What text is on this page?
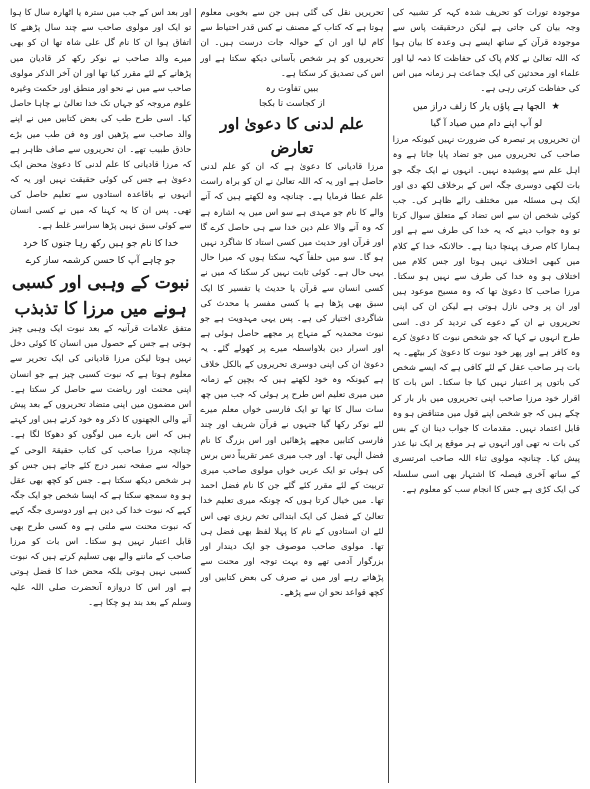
موجودہ تورات کو تحریف شدہ کہہ کر تشبیہ کی وجہ بیان کی جاتی ہے لیکن درحقیقت پاس سے موجودہ قرآن کے ساتھ ایسے ہی وعدہ کا بیان ہوا کہ اللہ تعالیٰ نے کلام پاک کی حفاظت کا ذمہ لیا اور علماء اور محدثین کی ایک جماعت ہر زمانہ میں اس کی حفاظت کرتی رہی ہے۔

★الجھا ہے پاؤں یار کا زلف دراز میں
لو آپ اپنے دام میں صیاد آ گیا

ان تحریروں پر تبصرہ کی ضرورت نہیں کیونکہ مرزا صاحب کی تحریروں میں جو تضاد پایا جاتا ہے وہ اہل علم سے پوشیدہ نہیں۔ انہوں نے ایک جگہ جو بات لکھی دوسری جگہ اس کے برخلاف لکھ دی اور ایک ہی مسئلہ میں مختلف رائے ظاہر کی۔ جب کوئی شخص ان سے اس تضاد کے متعلق سوال کرتا تو وہ جواب دیتے کہ یہ خدا کی طرف سے ہے اور ہمارا کام صرف پہنچا دینا ہے۔ حالانکہ خدا کے کلام میں کبھی اختلاف نہیں ہوتا اور جس کلام میں اختلاف ہو وہ خدا کی طرف سے نہیں ہو سکتا۔ مرزا صاحب کا دعویٰ تھا کہ وہ مسیح موعود ہیں اور ان پر وحی نازل ہوتی ہے لیکن ان کی اپنی تحریروں نے ان کے دعوے کی تردید کر دی۔ اسی طرح انہوں نے کہا کہ جو شخص نبوت کا دعویٰ کرے وہ کافر ہے اور پھر خود نبوت کا دعویٰ کر بیٹھے۔ یہ بات ہر صاحب عقل کے لئے کافی ہے کہ ایسے شخص کی باتوں پر اعتبار نہیں کیا جا سکتا۔ اس بات کا اقرار خود مرزا صاحب اپنی تحریروں میں بار بار کر چکے ہیں کہ جو شخص اپنے قول میں متناقض ہو وہ قابل اعتماد نہیں۔ مقدمات کا جواب دینا ان کے بس کی بات نہ تھی اور انہوں نے ہر موقع پر ایک نیا عذر پیش کیا۔ چنانچہ مولوی ثناء اللہ صاحب امرتسری کے ساتھ آخری فیصلہ کا اشتہار بھی اسی سلسلہ کی ایک کڑی ہے جس کا انجام سب کو معلوم ہے۔

تحریریں نقل کی گئی ہیں جن سے بخوبی معلوم ہوتا ہے کہ کتاب کے مصنف نے کس قدر احتیاط سے کام لیا اور ان کے حوالہ جات درست ہیں۔ ان تحریروں کو ہر شخص بآسانی دیکھ سکتا ہے اور اس کی تصدیق کر سکتا ہے۔

ببیں تفاوت رہ
از کجاست تا بکجا
علم لدنی کا دعویٰ اور تعارض

مرزا قادیانی کا دعویٰ ہے کہ ان کو علم لدنی حاصل ہے اور یہ کہ اللہ تعالیٰ نے ان کو براہ راست علم عطا فرمایا ہے۔ چنانچہ وہ لکھتے ہیں کہ آنے والے کا نام جو مہدی ہے سو اس میں یہ اشارہ ہے کہ وہ آنے والا علم دین خدا سے ہی حاصل کرے گا اور قرآن اور حدیث میں کسی استاد کا شاگرد نہیں ہو گا۔ سو میں حلفاً کہہ سکتا ہوں کہ میرا حال یہی حال ہے۔ کوئی ثابت نہیں کر سکتا کہ میں نے کسی انسان سے قرآن یا حدیث یا تفسیر کا ایک سبق بھی پڑھا ہے یا کسی مفسر یا محدث کی شاگردی اختیار کی ہے۔ پس یہی مہدویت ہے جو نبوت محمدیہ کے منہاج پر مجھے حاصل ہوئی ہے اور اسرار دین بلاواسطہ میرے پر کھولے گئے۔ یہ دعویٰ ان کی اپنی دوسری تحریروں کے بالکل خلاف ہے کیونکہ وہ خود لکھتے ہیں کہ بچپن کے زمانہ میں میری تعلیم اس طرح پر ہوئی کہ جب میں چھ سات سال کا تھا تو ایک فارسی خواں معلم میرے لئے نوکر رکھا گیا جنہوں نے قرآن شریف اور چند فارسی کتابیں مجھے پڑھائیں اور اس بزرگ کا نام فضل الٰہی تھا۔ اور جب میری عمر تقریباً دس برس کی ہوئی تو ایک عربی خواں مولوی صاحب میری تربیت کے لئے مقرر کئے گئے جن کا نام فضل احمد تھا۔ میں خیال کرتا ہوں کہ چونکہ میری تعلیم خدا تعالیٰ کے فضل کی ایک ابتدائی تخم ریزی تھی اس لئے ان استادوں کے نام کا پہلا لفظ بھی فضل ہی تھا۔ مولوی صاحب موصوف جو ایک دیندار اور بزرگوار آدمی تھے وہ بہت توجہ اور محنت سے پڑھاتے رہے اور میں نے صرف کی بعض کتابیں اور کچھ قواعد نحو ان سے پڑھے۔

اور بعد اس کے جب میں سترہ یا اٹھارہ سال کا ہوا تو ایک اور مولوی صاحب سے چند سال پڑھنے کا اتفاق ہوا ان کا نام گل علی شاہ تھا ان کو بھی میرے والد صاحب نے نوکر رکھ کر قادیان میں پڑھانے کے لئے مقرر کیا تھا اور ان آخر الذکر مولوی صاحب سے میں نے نحو اور منطق اور حکمت وغیرہ علوم مروجہ کو جہاں تک خدا تعالیٰ نے چاہا حاصل کیا۔ اسی طرح طب کی بعض کتابیں میں نے اپنے والد صاحب سے پڑھیں اور وہ فن طب میں بڑے حاذق طبیب تھے۔ ان تحریروں سے صاف ظاہر ہے کہ مرزا قادیانی کا علم لدنی کا دعویٰ محض ایک دعویٰ ہے جس کی کوئی حقیقت نہیں اور یہ کہ انہوں نے باقاعدہ استادوں سے تعلیم حاصل کی تھی۔ پس ان کا یہ کہنا کہ میں نے کسی انسان سے کوئی سبق نہیں پڑھا سراسر غلط ہے۔

خدا کا نام جو ہیں رکھ رہا جنوں کا خرد
جو چاہے آپ کا حسن کرشمہ ساز کرے
نبوت کے وہبی اور کسبی
ہونے میں مرزا کا تذبذب

متفق علامات قرآنیہ کے بعد نبوت ایک وہبی چیز ہوتی ہے جس کے حصول میں انسان کا کوئی دخل نہیں ہوتا لیکن مرزا قادیانی کی ایک تحریر سے معلوم ہوتا ہے کہ نبوت کسبی چیز ہے جو انسان اپنی محنت اور ریاضت سے حاصل کر سکتا ہے۔ اس مضمون میں اپنی متضاد تحریروں کے بعد پیش آنے والی الجھنوں کا ذکر وہ خود کرتے ہیں اور کہتے ہیں کہ اس بارے میں لوگوں کو دھوکا لگا ہے۔ چنانچہ مرزا صاحب کی کتاب حقیقۃ الوحی کے حوالہ سے صفحہ نمبر درج کئے جاتے ہیں جس کو ہر شخص دیکھ سکتا ہے۔ جس کو کچھ بھی عقل ہو وہ سمجھ سکتا ہے کہ ایسا شخص جو ایک جگہ کہے کہ نبوت خدا کی دین ہے اور دوسری جگہ کہے کہ نبوت محنت سے ملتی ہے وہ کسی طرح بھی قابل اعتبار نہیں ہو سکتا۔ اس بات کو مرزا صاحب کے ماننے والے بھی تسلیم کرتے ہیں کہ نبوت کسبی نہیں ہوتی بلکہ محض خدا کا فضل ہوتی ہے اور اس کا دروازہ آنحضرت صلی اللہ علیہ وسلم کے بعد بند ہو چکا ہے۔
